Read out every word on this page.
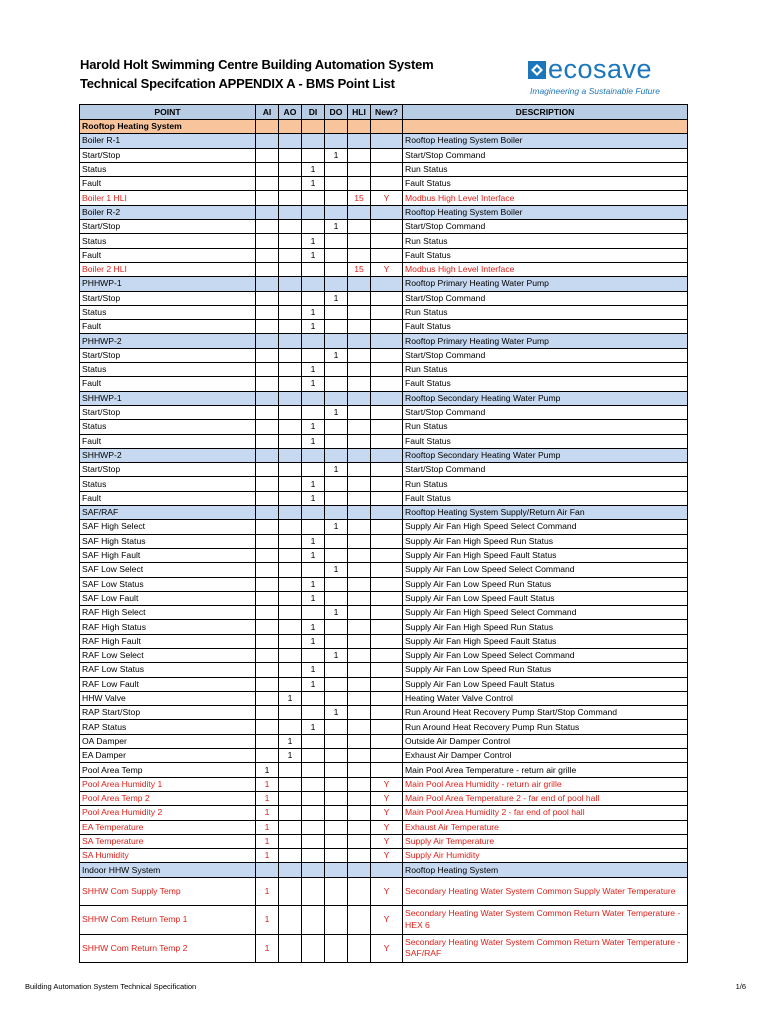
Harold Holt Swimming Centre Building Automation System
Technical Specifcation APPENDIX A - BMS Point List	ecosave
Imagineering a Sustainable Future
POINT	AI	AO	DI	DO	HLI	New?	DESCRIPTION
Rooftop Heating System							
Boiler R-1							Rooftop Heating System Boiler
Start/Stop				1			Start/Stop Command
Status			1				Run Status
Fault			1				Fault Status
Boiler 1 HLI					15	Y	Modbus High Level Interface
Boiler R-2							Rooftop Heating System Boiler
Start/Stop				1			Start/Stop Command
Status			1				Run Status
Fault			1				Fault Status
Boiler 2 HLI					15	Y	Modbus High Level Interface
PHHWP-1							Rooftop Primary Heating Water Pump
Start/Stop				1			Start/Stop Command
Status			1				Run Status
Fault			1				Fault Status
PHHWP-2							Rooftop Primary Heating Water Pump
Start/Stop				1			Start/Stop Command
Status			1				Run Status
Fault			1				Fault Status
SHHWP-1							Rooftop Secondary Heating Water Pump
Start/Stop				1			Start/Stop Command
Status			1				Run Status
Fault			1				Fault Status
SHHWP-2							Rooftop Secondary Heating Water Pump
Start/Stop				1			Start/Stop Command
Status			1				Run Status
Fault			1				Fault Status
SAF/RAF							Rooftop Heating System Supply/Return Air Fan
SAF High Select				1			Supply Air Fan High Speed Select Command
SAF High Status			1				Supply Air Fan High Speed Run Status
SAF High Fault			1				Supply Air Fan High Speed Fault Status
SAF Low Select				1			Supply Air Fan Low Speed Select Command
SAF Low Status			1				Supply Air Fan Low Speed Run Status
SAF Low Fault			1				Supply Air Fan Low Speed Fault Status
RAF High Select				1			Supply Air Fan High Speed Select Command
RAF High Status			1				Supply Air Fan High Speed Run Status
RAF High Fault			1				Supply Air Fan High Speed Fault Status
RAF Low Select				1			Supply Air Fan Low Speed Select Command
RAF Low Status			1				Supply Air Fan Low Speed Run Status
RAF Low Fault			1				Supply Air Fan Low Speed Fault Status
HHW Valve		1					Heating Water Valve Control
RAP Start/Stop				1			Run Around Heat Recovery Pump Start/Stop Command
RAP Status			1				Run Around Heat Recovery Pump Run Status
OA Damper		1					Outside Air Damper Control
EA Damper		1					Exhaust Air Damper Control
Pool Area Temp	1						Main Pool Area Temperature - return air grille
Pool Area Humidity 1	1					Y	Main Pool Area Humidity - return air grille
Pool Area Temp 2	1					Y	Main Pool Area Temperature 2 - far end of pool hall
Pool Area Humidity 2	1					Y	Main Pool Area Humidity 2 - far end of pool hall
EA Temperature	1					Y	Exhaust Air Temperature
SA Temperature	1					Y	Supply Air Temperature
SA Humidity	1					Y	Supply Air Humidity
Indoor HHW System							Rooftop Heating System
SHHW Com Supply Temp	1					Y	Secondary Heating Water System Common Supply Water Temperature
SHHW Com Return Temp 1	1					Y	Secondary Heating Water System Common Return Water Temperature - HEX 6
SHHW Com Return Temp 2	1					Y	Secondary Heating Water System Common Return Water Temperature - SAF/RAF
Building Automation System Technical Specification	1/6
